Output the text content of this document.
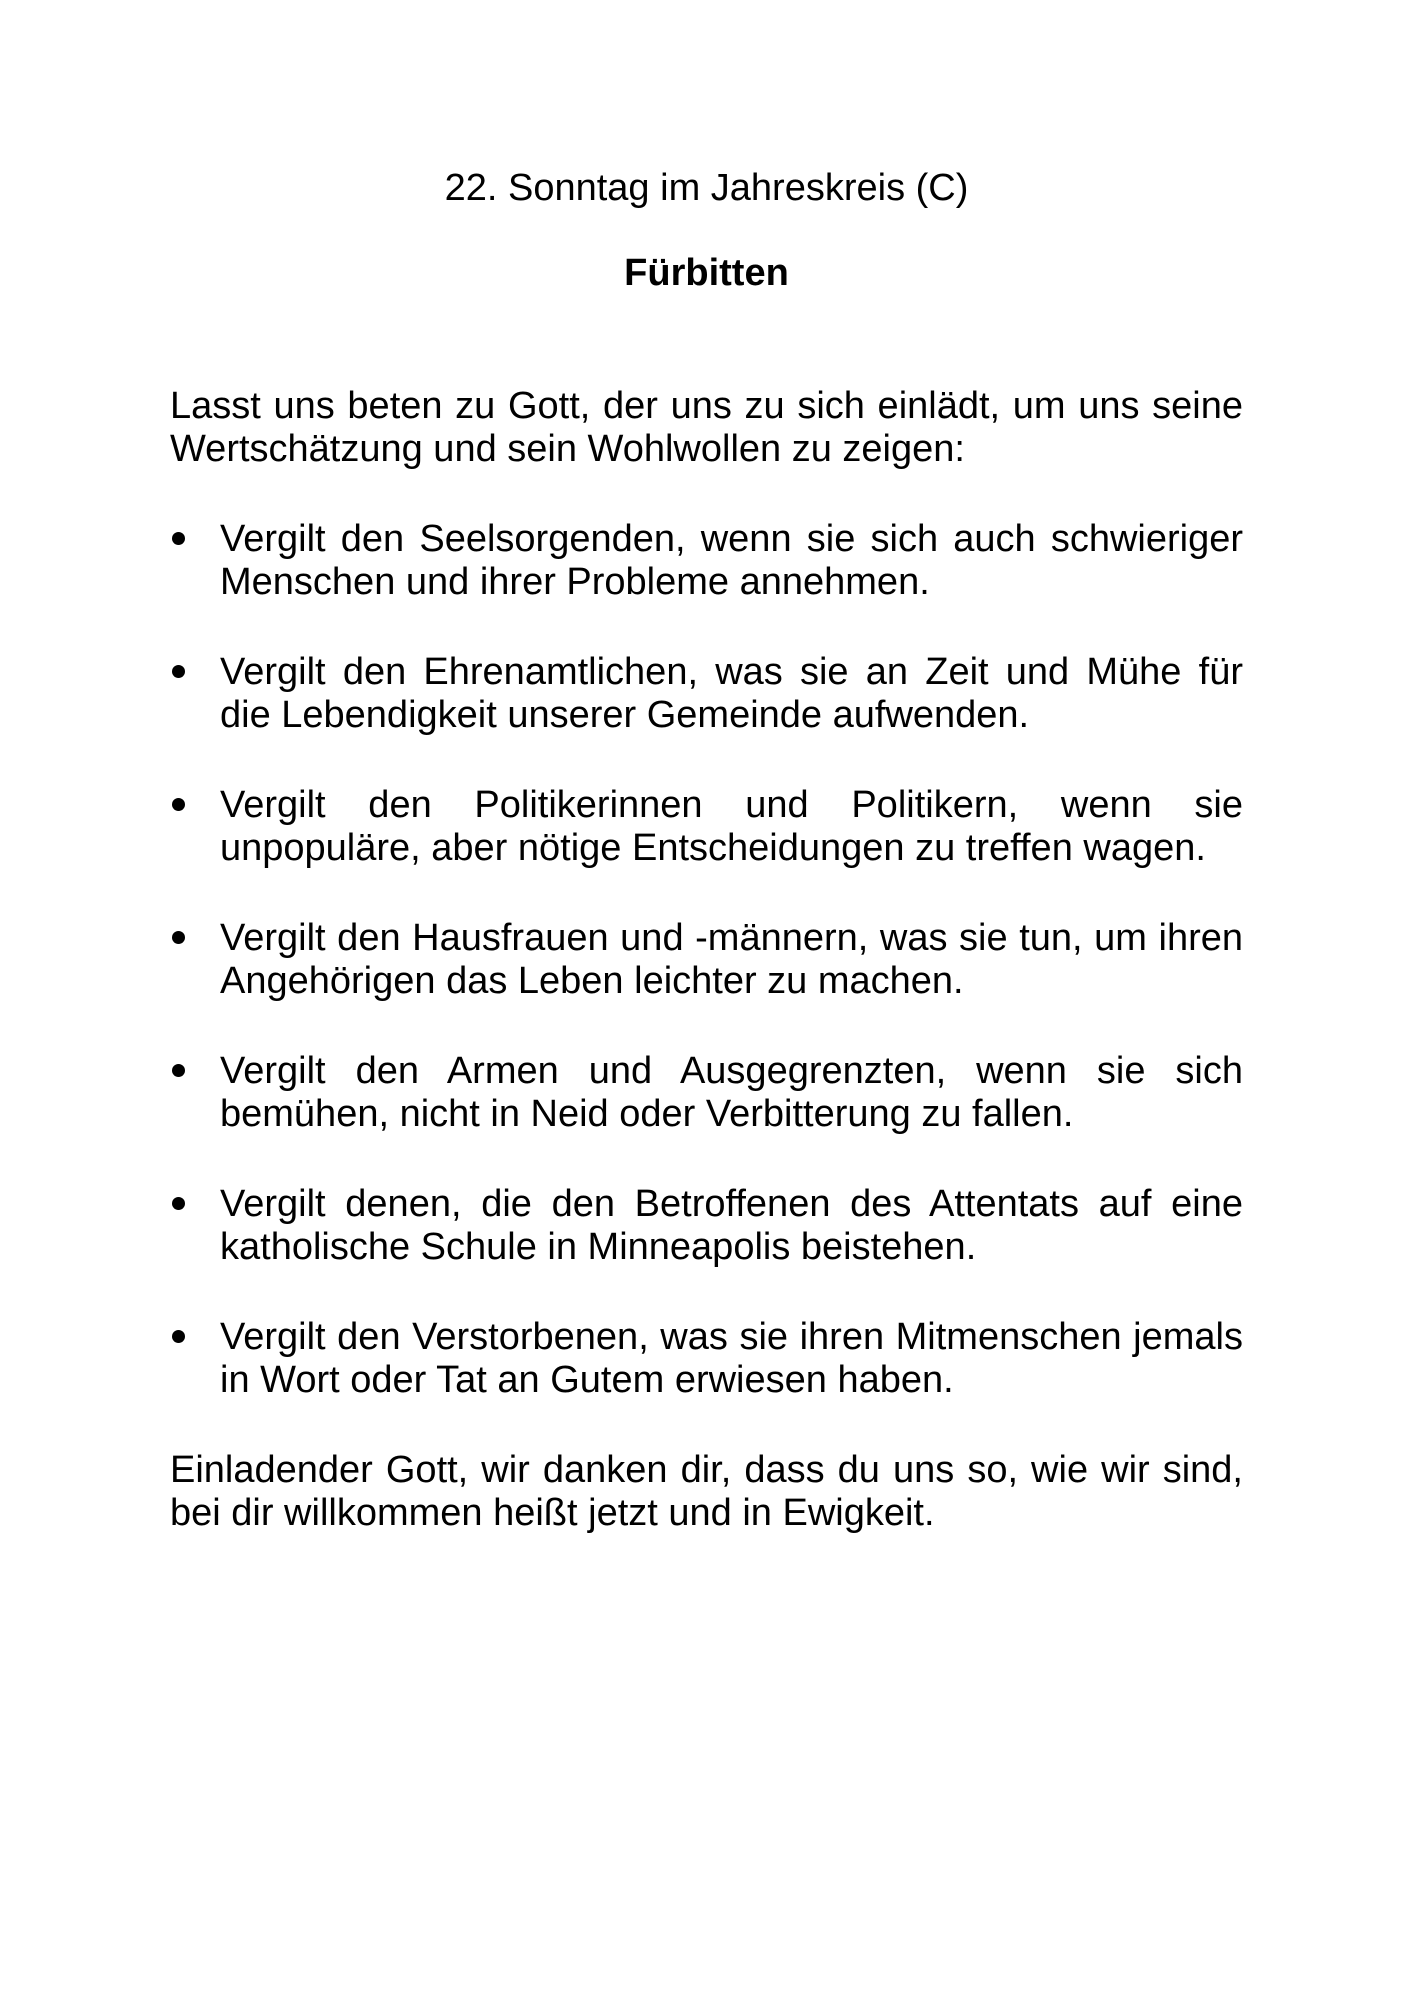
22. Sonntag im Jahreskreis (C)

Fürbitten

Lasst uns beten zu Gott, der uns zu sich einlädt, um uns seine Wertschätzung und sein Wohlwollen zu zeigen:

Vergilt den Seelsorgenden, wenn sie sich auch schwieriger Menschen und ihrer Probleme annehmen.
Vergilt den Ehrenamtlichen, was sie an Zeit und Mühe für die Lebendigkeit unserer Gemeinde aufwenden.
Vergilt den Politikerinnen und Politikern, wenn sie unpopuläre, aber nötige Entscheidungen zu treffen wagen.
Vergilt den Hausfrauen und -männern, was sie tun, um ihren Angehörigen das Leben leichter zu machen.
Vergilt den Armen und Ausgegrenzten, wenn sie sich bemühen, nicht in Neid oder Verbitterung zu fallen.
Vergilt denen, die den Betroffenen des Attentats auf eine katholische Schule in Minneapolis beistehen.
Vergilt den Verstorbenen, was sie ihren Mitmenschen jemals in Wort oder Tat an Gutem erwiesen haben.

Einladender Gott, wir danken dir, dass du uns so, wie wir sind, bei dir willkommen heißt jetzt und in Ewigkeit.
